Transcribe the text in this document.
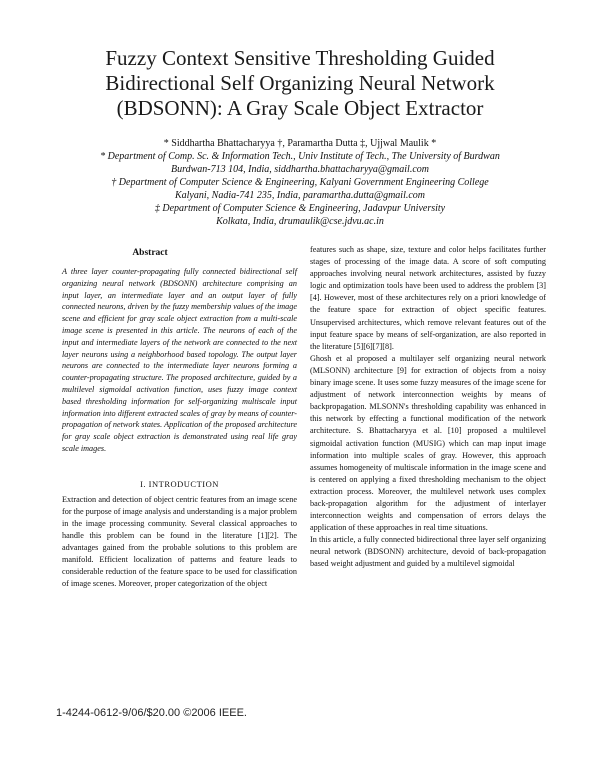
Fuzzy Context Sensitive Thresholding Guided
Bidirectional Self Organizing Neural Network
(BDSONN): A Gray Scale Object Extractor
* Siddhartha Bhattacharyya †, Paramartha Dutta ‡, Ujjwal Maulik *
* Department of Comp. Sc. & Information Tech., Univ Institute of Tech., The University of Burdwan
Burdwan-713 104, India, siddhartha.bhattacharyya@gmail.com
† Department of Computer Science & Engineering, Kalyani Government Engineering College
Kalyani, Nadia-741 235, India, paramartha.dutta@gmail.com
‡ Department of Computer Science & Engineering, Jadavpur University
Kolkata, India, drumaulik@cse.jdvu.ac.in
Abstract
A three layer counter-propagating fully connected bidirectional self organizing neural network (BDSONN) architecture comprising an input layer, an intermediate layer and an output layer of fully connected neurons, driven by the fuzzy membership values of the image scene and efficient for gray scale object extraction from a multi-scale image scene is presented in this article. The neurons of each of the input and intermediate layers of the network are connected to the next layer neurons using a neighborhood based topology. The output layer neurons are connected to the intermediate layer neurons forming a counter-propagating structure. The proposed architecture, guided by a multilevel sigmoidal activation function, uses fuzzy image context based thresholding information for self-organizing multiscale input information into different extracted scales of gray by means of counter-propagation of network states. Application of the proposed architecture for gray scale object extraction is demonstrated using real life gray scale images.
I. INTRODUCTION
Extraction and detection of object centric features from an image scene for the purpose of image analysis and understanding is a major problem in the image processing community. Several classical approaches to handle this problem can be found in the literature [1][2]. The advantages gained from the probable solutions to this problem are manifold. Efficient localization of patterns and feature leads to considerable reduction of the feature space to be used for classification of image scenes. Moreover, proper categorization of the object

features such as shape, size, texture and color helps facilitates further stages of processing of the image data. A score of soft computing approaches involving neural network architectures, assisted by fuzzy logic and optimization tools have been used to address the problem [3][4]. However, most of these architectures rely on a priori knowledge of the feature space for extraction of object specific features. Unsupervised architectures, which remove relevant features out of the input feature space by means of self-organization, are also reported in the literature [5][6][7][8].

Ghosh et al proposed a multilayer self organizing neural network (MLSONN) architecture [9] for extraction of objects from a noisy binary image scene. It uses some fuzzy measures of the image scene for adjustment of network interconnection weights by means of backpropagation. MLSONN's thresholding capability was enhanced in this network by effecting a functional modification of the network architecture. S. Bhattacharyya et al. [10] proposed a multilevel sigmoidal activation function (MUSIG) which can map input image information into multiple scales of gray. However, this approach assumes homogeneity of multiscale information in the image scene and is centered on applying a fixed thresholding mechanism to the object extraction process. Moreover, the multilevel network uses complex back-propagation algorithm for the adjustment of interlayer interconnection weights and compensation of errors delays the application of these approaches in real time situations.

In this article, a fully connected bidirectional three layer self organizing neural network (BDSONN) architecture, devoid of back-propagation based weight adjustment and guided by a multilevel sigmoidal

1-4244-0612-9/06/$20.00 ©2006 IEEE.
